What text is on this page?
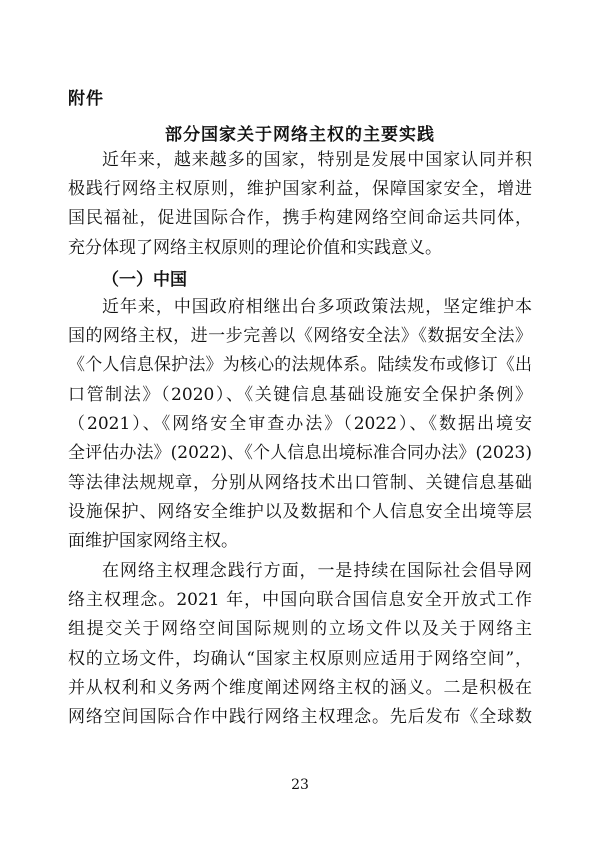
附件
部分国家关于网络主权的主要实践
近年来，越来越多的国家，特别是发展中国家认同并积
极践行网络主权原则，维护国家利益，保障国家安全，增进
国民福祉，促进国际合作，携手构建网络空间命运共同体，
充分体现了网络主权原则的理论价值和实践意义。
（一）中国
近年来，中国政府相继出台多项政策法规，坚定维护本
国的网络主权，进一步完善以《网络安全法》《数据安全法》
《个人信息保护法》为核心的法规体系。陆续发布或修订《出
口管制法》（2020）、《关键信息基础设施安全保护条例》
（2021）、《网络安全审查办法》（2022）、《数据出境安
全评估办法》(2022)、《个人信息出境标准合同办法》(2023)
等法律法规规章，分别从网络技术出口管制、关键信息基础
设施保护、网络安全维护以及数据和个人信息安全出境等层
面维护国家网络主权。
在网络主权理念践行方面，一是持续在国际社会倡导网
络主权理念。2021 年，中国向联合国信息安全开放式工作
组提交关于网络空间国际规则的立场文件以及关于网络主
权的立场文件，均确认“国家主权原则应适用于网络空间”，
并从权利和义务两个维度阐述网络主权的涵义。二是积极在
网络空间国际合作中践行网络主权理念。先后发布《全球数
23
